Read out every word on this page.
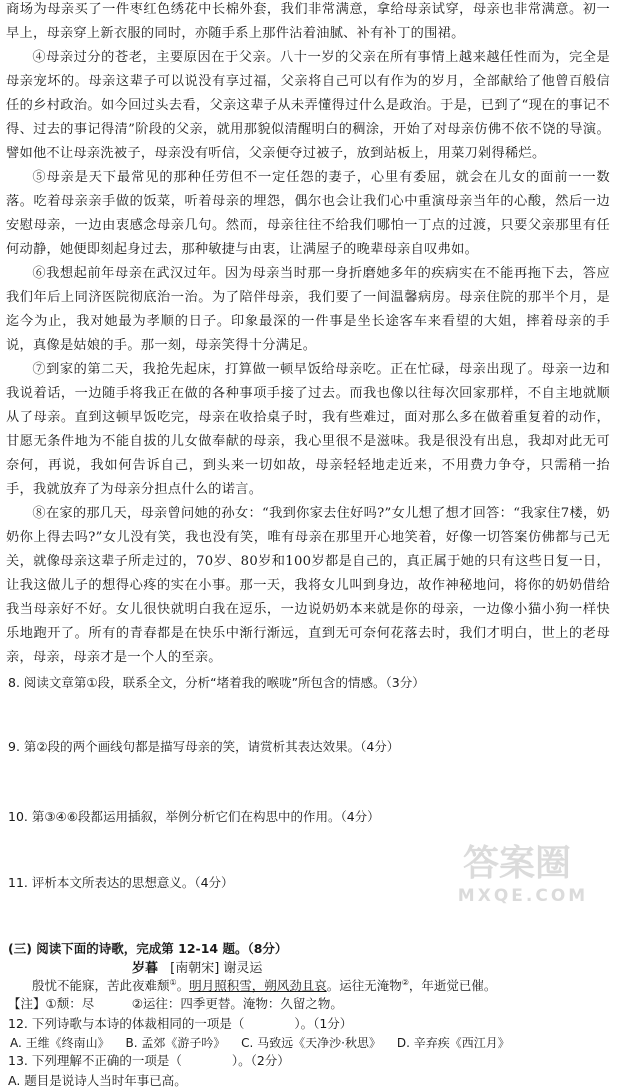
商场为母亲买了一件枣红色绣花中长棉外套，我们非常满意，拿给母亲试穿，母亲也非常满意。初一早上，母亲穿上新衣服的同时，亦随手系上那件沾着油腻、补有补丁的围裙。

④母亲过分的苍老，主要原因在于父亲。八十一岁的父亲在所有事情上越来越任性而为，完全是母亲宠坏的。母亲这辈子可以说没有享过福，父亲将自己可以有作为的岁月，全部献给了他曾百般信任的乡村政治。如今回过头去看，父亲这辈子从未弄懂得过什么是政治。于是，已到了“现在的事记不得、过去的事记得清”阶段的父亲，就用那貌似清醒明白的稠涂，开始了对母亲仿佛不依不饶的导演。譬如他不让母亲洗被子，母亲没有听信，父亲便夺过被子，放到站板上，用菜刀剁得稀烂。

⑤母亲是天下最常见的那种任劳但不一定任怨的妻子，心里有委屈，就会在儿女的面前一一数落。吃着母亲亲手做的饭菜，听着母亲的埋怨，偶尔也会让我们心中重演母亲当年的心酸，然后一边安慰母亲，一边由衷感念母亲几句。然而，母亲往往不给我们哪怕一丁点的过渡，只要父亲那里有任何动静，她便即刻起身过去，那种敏捷与由衷，让满屋子的晚辈母亲自叹弗如。

⑥我想起前年母亲在武汉过年。因为母亲当时那一身折磨她多年的疾病实在不能再拖下去，答应我们年后上同济医院彻底治一治。为了陪伴母亲，我们要了一间温馨病房。母亲住院的那半个月，是迄今为止，我对她最为孝顺的日子。印象最深的一件事是坐长途客车来看望的大姐，摔着母亲的手说，真像是姑娘的手。那一刻，母亲笑得十分满足。

⑦到家的第二天，我抢先起床，打算做一顿早饭给母亲吃。正在忙碌，母亲出现了。母亲一边和我说着话，一边随手将我正在做的各种事项手接了过去。而我也像以往每次回家那样，不自主地就顺从了母亲。直到这顿早饭吃完，母亲在收拾桌子时，我有些难过，面对那么多在做着重复着的动作，甘愿无条件地为不能自拔的儿女做奉献的母亲，我心里很不是滋味。我是很没有出息，我却对此无可奈何，再说，我如何告诉自己，到头来一切如故，母亲轻轻地走近来，不用费力争夺，只需稍一抬手，我就放弃了为母亲分担点什么的诺言。

⑧在家的那几天，母亲曾问她的孙女：“我到你家去住好吗?”女儿想了想才回答：“我家住7楼，奶奶你上得去吗?”女儿没有笑，我也没有笑，唯有母亲在那里开心地笑着，好像一切答案仿佛都与己无关，就像母亲这辈子所走过的，70岁、80岁和100岁都是自己的，真正属于她的只有这些日复一日，让我这做儿子的想得心疼的实在小事。那一天，我将女儿叫到身边，故作神秘地问，将你的奶奶借给我当母亲好不好。女儿很快就明白我在逗乐，一边说奶奶本来就是你的母亲，一边像小猫小狗一样快乐地跑开了。所有的青春都是在快乐中渐行渐远，直到无可奈何花落去时，我们才明白，世上的老母亲，母亲，母亲才是一个人的至亲。

8. 阅读文章第①段，联系全文，分析“堵着我的喉咙”所包含的情感。（3分）

9. 第②段的两个画线句都是描写母亲的笑，请赏析其表达效果。（4分）

10. 第③④⑥段都运用插叙，举例分析它们在构思中的作用。（4分）

11. 评析本文所表达的思想意义。（4分）

(三) 阅读下面的诗歌，完成第 12-14 题。（8分）

岁暮 [南朝宋] 谢灵运

殷忧不能寐，苦此夜难颓①。明月照积雪，朔风劲且哀。运往无淹物②，年逝觉已催。

【注】①颓：尽　　　②运往：四季更替。淹物：久留之物。

12. 下列诗歌与本诗的体裁相同的一项是（　　　　）。（1分）

A. 王维《终南山》 B. 孟郊《游子吟》 C. 马致远《天净沙·秋思》 D. 辛弃疾《西江月》

13. 下列理解不正确的一项是（　　　　）。（2分）

A. 题目是说诗人当时年事已高。

答案圈
MXQE.COM
